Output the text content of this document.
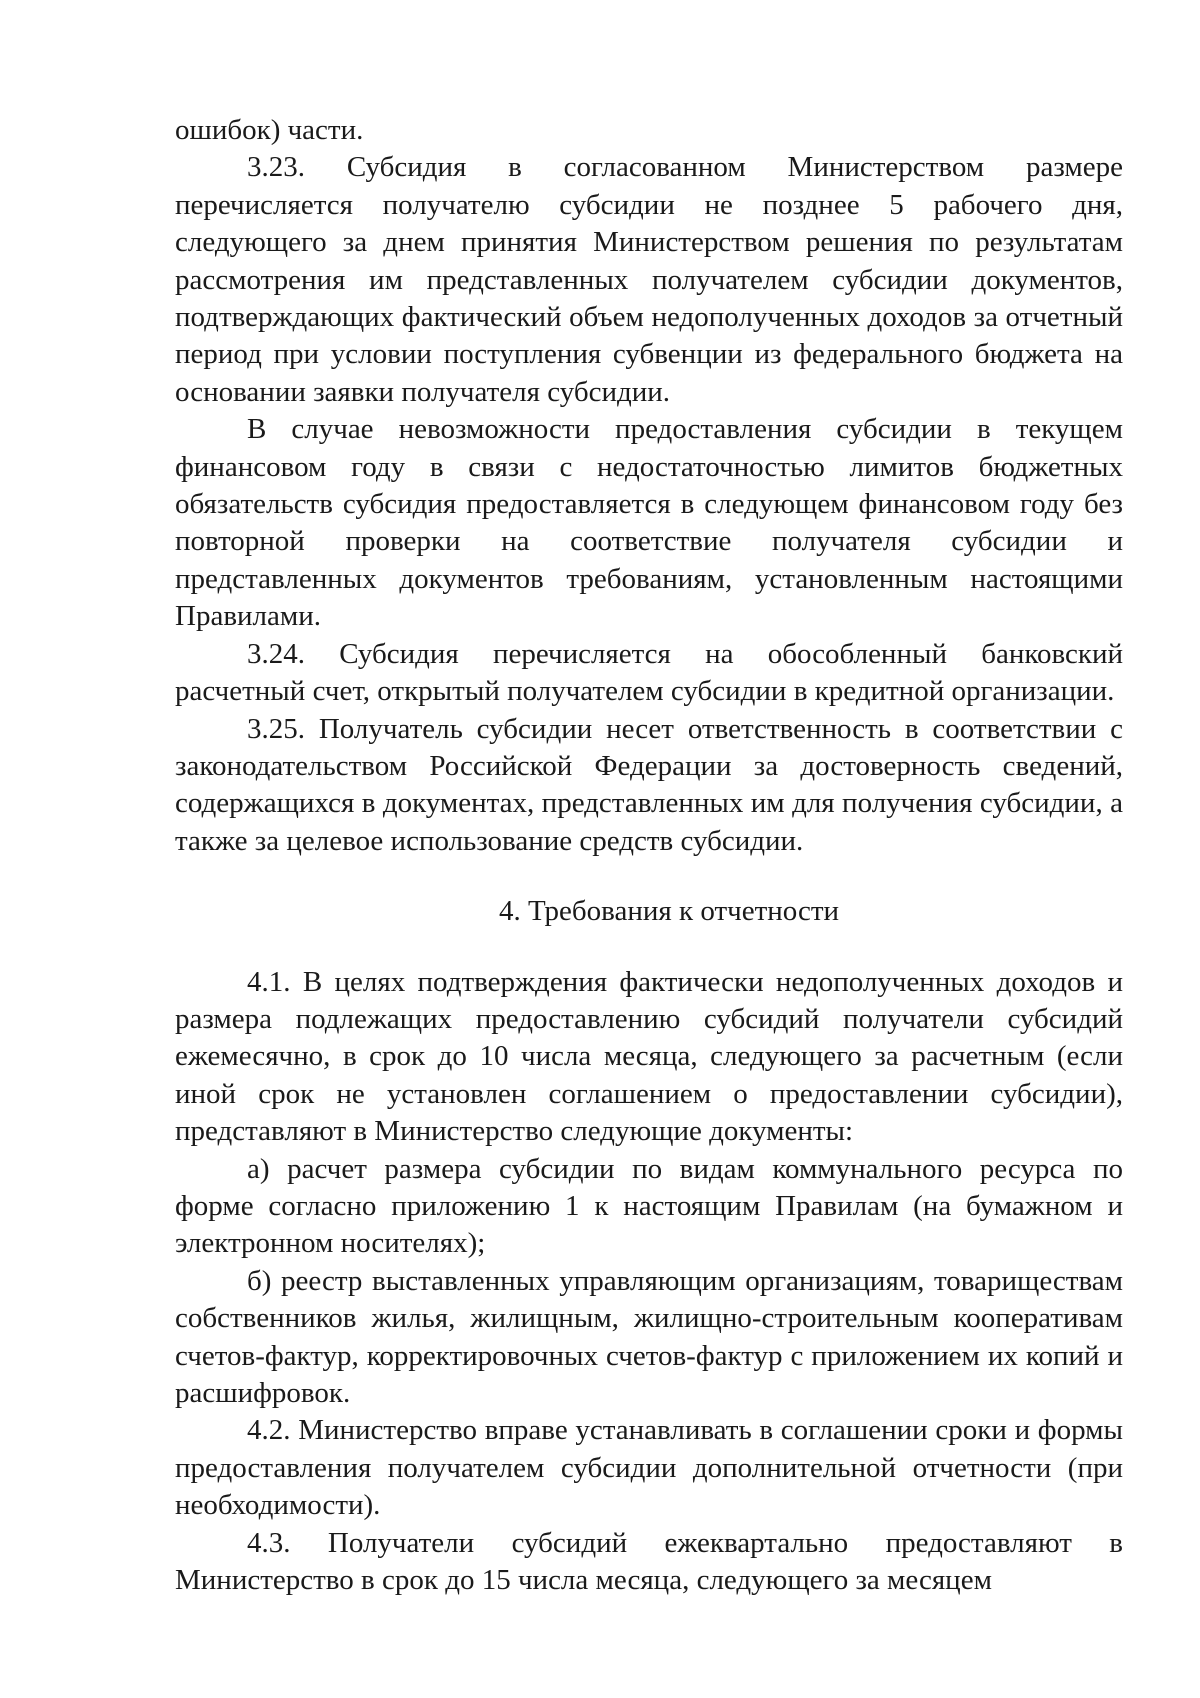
ошибок) части.

3.23. Субсидия в согласованном Министерством размере перечисляется получателю субсидии не позднее 5 рабочего дня, следующего за днем принятия Министерством решения по результатам рассмотрения им представленных получателем субсидии документов, подтверждающих фактический объем недополученных доходов за отчетный период при условии поступления субвенции из федерального бюджета на основании заявки получателя субсидии.

В случае невозможности предоставления субсидии в текущем финансовом году в связи с недостаточностью лимитов бюджетных обязательств субсидия предоставляется в следующем финансовом году без повторной проверки на соответствие получателя субсидии и представленных документов требованиям, установленным настоящими Правилами.

3.24. Субсидия перечисляется на обособленный банковский расчетный счет, открытый получателем субсидии в кредитной организации.

3.25. Получатель субсидии несет ответственность в соответствии с законодательством Российской Федерации за достоверность сведений, содержащихся в документах, представленных им для получения субсидии, а также за целевое использование средств субсидии.

4. Требования к отчетности

4.1. В целях подтверждения фактически недополученных доходов и размера подлежащих предоставлению субсидий получатели субсидий ежемесячно, в срок до 10 числа месяца, следующего за расчетным (если иной срок не установлен соглашением о предоставлении субсидии), представляют в Министерство следующие документы:

а) расчет размера субсидии по видам коммунального ресурса по форме согласно приложению 1 к настоящим Правилам (на бумажном и электронном носителях);

б) реестр выставленных управляющим организациям, товариществам собственников жилья, жилищным, жилищно-строительным кооперативам счетов-фактур, корректировочных счетов-фактур с приложением их копий и расшифровок.

4.2. Министерство вправе устанавливать в соглашении сроки и формы предоставления получателем субсидии дополнительной отчетности (при необходимости).

4.3. Получатели субсидий ежеквартально предоставляют в Министерство в срок до 15 числа месяца, следующего за месяцем
